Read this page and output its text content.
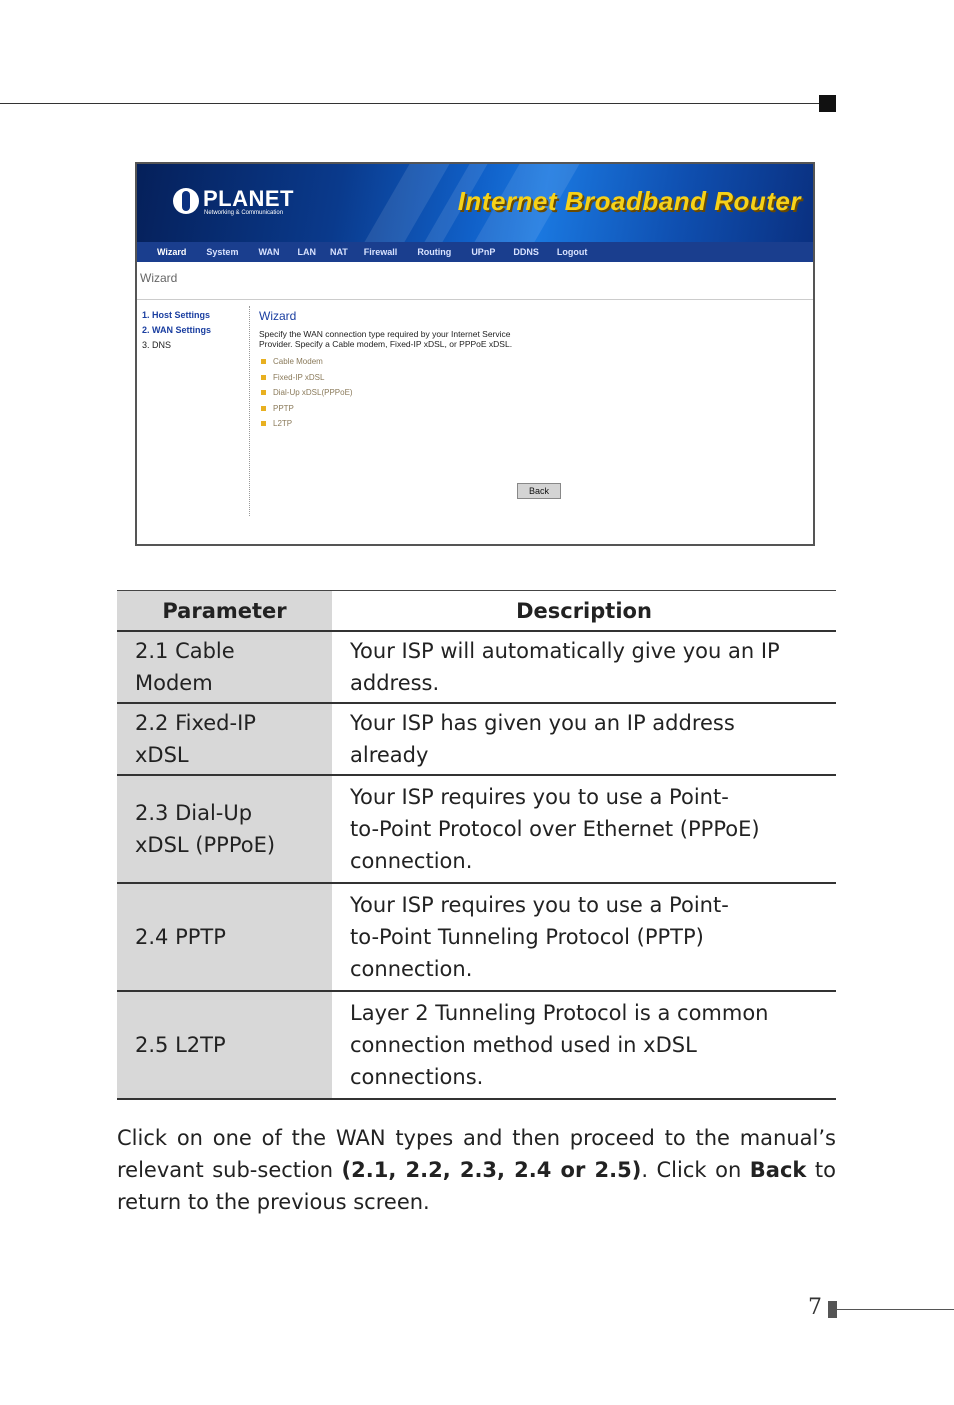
PLANET
Networking & Communication	Internet Broadband Router
Wizard System WAN LAN NAT Firewall Routing UPnP DDNS Logout
Wizard
1. Host Settings
2. WAN Settings
3. DNS
Wizard
Specify the WAN connection type required by your Internet Service Provider. Specify a Cable modem, Fixed-IP xDSL, or PPPoE xDSL.
Cable Modem
Fixed-IP xDSL
Dial-Up xDSL(PPPoE)
PPTP
L2TP
Back
Parameter	Description
2.1 Cable
Modem	Your ISP will automatically give you an IP
address.
2.2 Fixed-IP
xDSL	Your ISP has given you an IP address
already
2.3 Dial-Up
xDSL (PPPoE)	Your ISP requires you to use a Point-
to-Point Protocol over Ethernet (PPPoE)
connection.
2.4 PPTP	Your ISP requires you to use a Point-
to-Point Tunneling Protocol (PPTP)
connection.
2.5 L2TP	Layer 2 Tunneling Protocol is a common
connection method used in xDSL
connections.
Click on one of the WAN types and then proceed to the manual’s relevant sub-section (2.1, 2.2, 2.3, 2.4 or 2.5). Click on Back to return to the previous screen.
7
